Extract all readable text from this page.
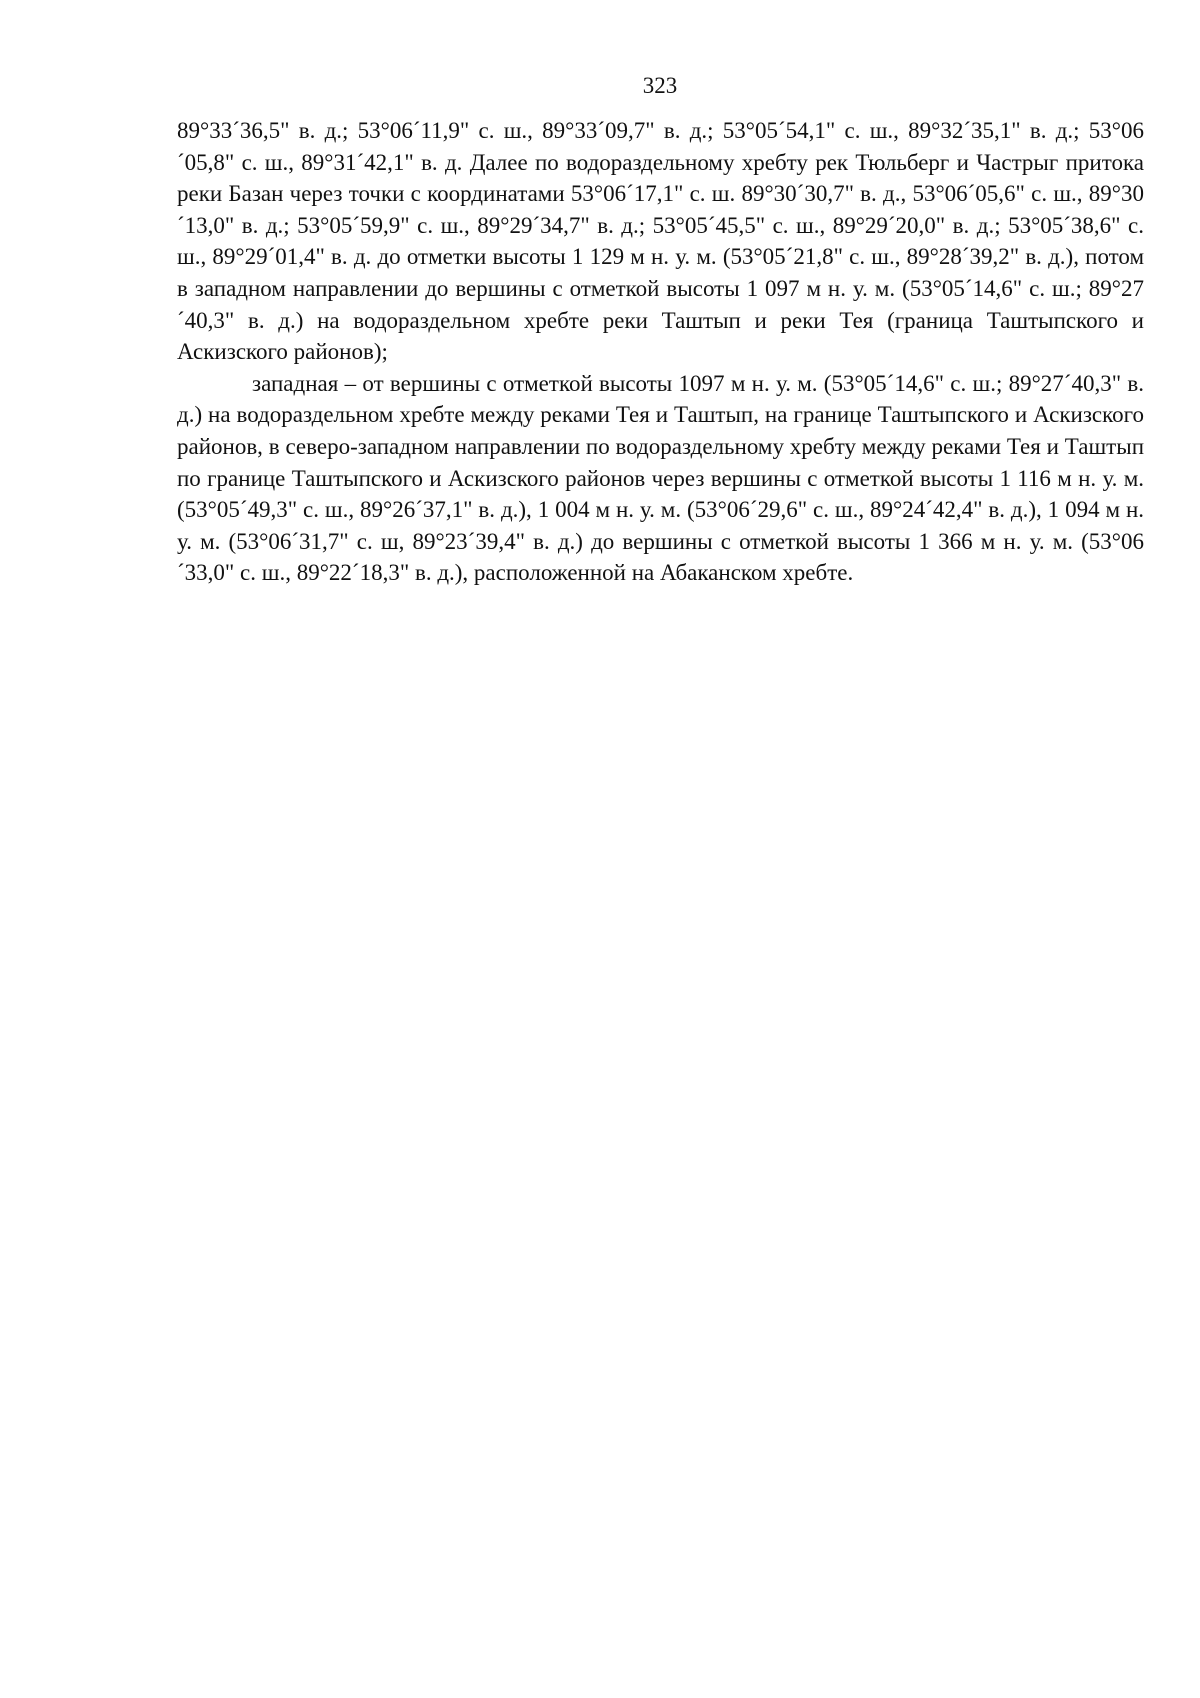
323

89°33´36,5" в. д.; 53°06´11,9" с. ш., 89°33´09,7" в. д.; 53°05´54,1" с. ш., 89°32´35,1" в. д.; 53°06´05,8" с. ш., 89°31´42,1" в. д. Далее по водораздельному хребту рек Тюльберг и Частрыг притока реки Базан через точки с координатами 53°06´17,1" с. ш. 89°30´30,7" в. д., 53°06´05,6" с. ш., 89°30´13,0" в. д.; 53°05´59,9" с. ш., 89°29´34,7" в. д.; 53°05´45,5" с. ш., 89°29´20,0" в. д.; 53°05´38,6" с. ш., 89°29´01,4" в. д. до отметки высоты 1 129 м н. у. м. (53°05´21,8" с. ш., 89°28´39,2" в. д.), потом в западном направлении до вершины с отметкой высоты 1 097 м н. у. м. (53°05´14,6" с. ш.; 89°27´40,3" в. д.) на водораздельном хребте реки Таштып и реки Тея (граница Таштыпского и Аскизского районов);

западная – от вершины с отметкой высоты 1097 м н. у. м. (53°05´14,6" с. ш.; 89°27´40,3" в. д.) на водораздельном хребте между реками Тея и Таштып, на границе Таштыпского и Аскизского районов, в северо-западном направлении по водораздельному хребту между реками Тея и Таштып по границе Таштыпского и Аскизского районов через вершины с отметкой высоты 1 116 м н. у. м. (53°05´49,3" с. ш., 89°26´37,1" в. д.), 1 004 м н. у. м. (53°06´29,6" с. ш., 89°24´42,4" в. д.), 1 094 м н. у. м. (53°06´31,7" с. ш, 89°23´39,4" в. д.) до вершины с отметкой высоты 1 366 м н. у. м. (53°06´33,0" с. ш., 89°22´18,3" в. д.), расположенной на Абаканском хребте.
